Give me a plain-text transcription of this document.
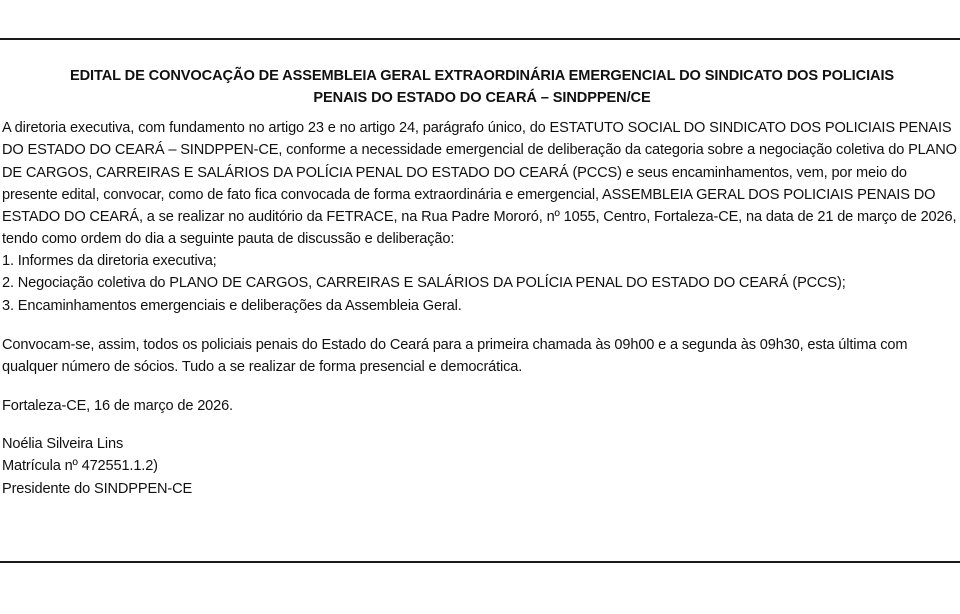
EDITAL DE CONVOCAÇÃO DE ASSEMBLEIA GERAL EXTRAORDINÁRIA EMERGENCIAL DO SINDICATO DOS POLICIAIS
PENAIS DO ESTADO DO CEARÁ – SINDPPEN/CE

A diretoria executiva, com fundamento no artigo 23 e no artigo 24, parágrafo único, do ESTATUTO SOCIAL DO SINDICATO DOS POLICIAIS PENAIS DO ESTADO DO CEARÁ – SINDPPEN-CE, conforme a necessidade emergencial de deliberação da categoria sobre a negociação coletiva do PLANO DE CARGOS, CARREIRAS E SALÁRIOS DA POLÍCIA PENAL DO ESTADO DO CEARÁ (PCCS) e seus encaminhamentos, vem, por meio do presente edital, convocar, como de fato fica convocada de forma extraordinária e emergencial, ASSEMBLEIA GERAL DOS POLICIAIS PENAIS DO ESTADO DO CEARÁ, a se realizar no auditório da FETRACE, na Rua Padre Mororó, nº 1055, Centro, Fortaleza-CE, na data de 21 de março de 2026, tendo como ordem do dia a seguinte pauta de discussão e deliberação:

1. Informes da diretoria executiva;

2. Negociação coletiva do PLANO DE CARGOS, CARREIRAS E SALÁRIOS DA POLÍCIA PENAL DO ESTADO DO CEARÁ (PCCS);

3. Encaminhamentos emergenciais e deliberações da Assembleia Geral.

Convocam-se, assim, todos os policiais penais do Estado do Ceará para a primeira chamada às 09h00 e a segunda às 09h30, esta última com qualquer número de sócios. Tudo a se realizar de forma presencial e democrática.

Fortaleza-CE, 16 de março de 2026.

Noélia Silveira Lins

Matrícula nº 472551.1.2)

Presidente do SINDPPEN-CE
